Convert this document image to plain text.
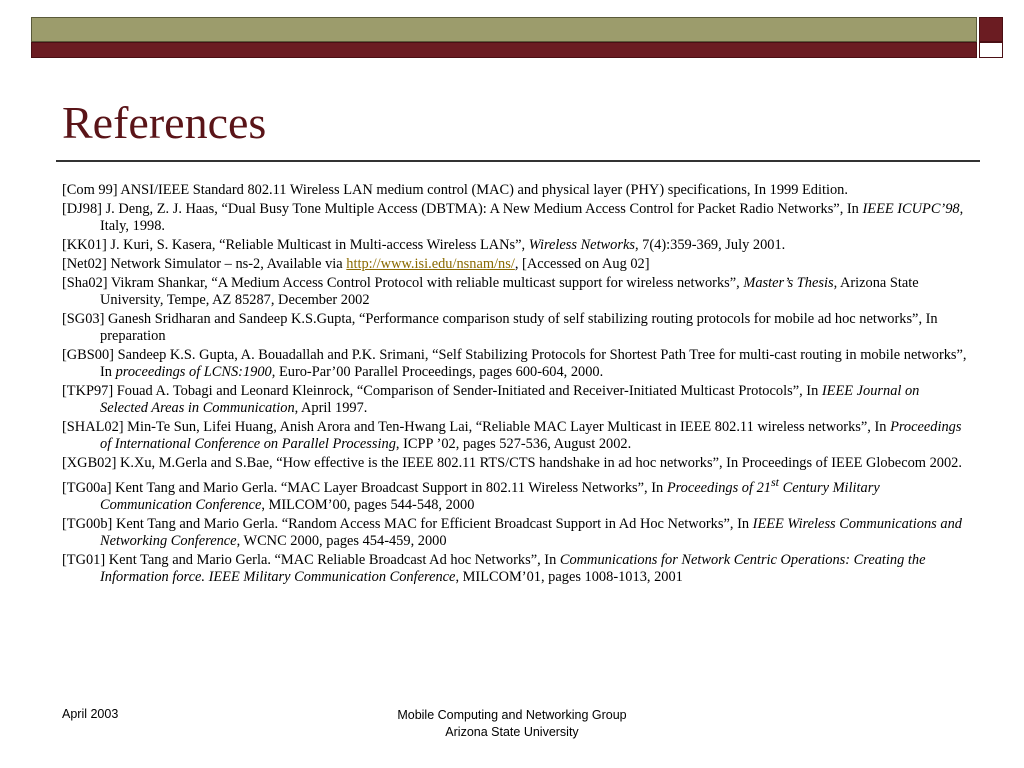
References

[Com 99] ANSI/IEEE Standard 802.11 Wireless LAN medium control (MAC) and physical layer (PHY) specifications, In 1999 Edition.

[DJ98] J. Deng, Z. J. Haas, “Dual Busy Tone Multiple Access (DBTMA): A New Medium Access Control for Packet Radio Networks”, In IEEE ICUPC’98, Italy, 1998.

[KK01] J. Kuri, S. Kasera, “Reliable Multicast in Multi-access Wireless LANs”, Wireless Networks, 7(4):359-369, July 2001.

[Net02] Network Simulator – ns-2, Available via http://www.isi.edu/nsnam/ns/, [Accessed on Aug 02]

[Sha02] Vikram Shankar, “A Medium Access Control Protocol with reliable multicast support for wireless networks”, Master’s Thesis, Arizona State University, Tempe, AZ 85287, December 2002

[SG03] Ganesh Sridharan and Sandeep K.S.Gupta, “Performance comparison study of self stabilizing routing protocols for mobile ad hoc networks”, In preparation

[GBS00] Sandeep K.S. Gupta, A. Bouadallah and P.K. Srimani, “Self Stabilizing Protocols for Shortest Path Tree for multi-cast routing in mobile networks”, In proceedings of LCNS:1900, Euro-Par’00 Parallel Proceedings, pages 600-604, 2000.

[TKP97] Fouad A. Tobagi and Leonard Kleinrock, “Comparison of Sender-Initiated and Receiver-Initiated Multicast Protocols”, In IEEE Journal on Selected Areas in Communication, April 1997.

[SHAL02] Min-Te Sun, Lifei Huang, Anish Arora and Ten-Hwang Lai, “Reliable MAC Layer Multicast in IEEE 802.11 wireless networks”, In Proceedings of International Conference on Parallel Processing, ICPP ’02, pages 527-536, August 2002.

[XGB02] K.Xu, M.Gerla and S.Bae, “How effective is the IEEE 802.11 RTS/CTS handshake in ad hoc networks”, In Proceedings of IEEE Globecom 2002.

[TG00a] Kent Tang and Mario Gerla. “MAC Layer Broadcast Support in 802.11 Wireless Networks”, In Proceedings of 21st Century Military Communication Conference, MILCOM’00, pages 544-548, 2000

[TG00b] Kent Tang and Mario Gerla. “Random Access MAC for Efficient Broadcast Support in Ad Hoc Networks”, In IEEE Wireless Communications and Networking Conference, WCNC 2000, pages 454-459, 2000

[TG01] Kent Tang and Mario Gerla. “MAC Reliable Broadcast Ad hoc Networks”, In Communications for Network Centric Operations: Creating the Information force. IEEE Military Communication Conference, MILCOM’01, pages 1008-1013, 2001

April 2003	Mobile Computing and Networking Group
Arizona State University
